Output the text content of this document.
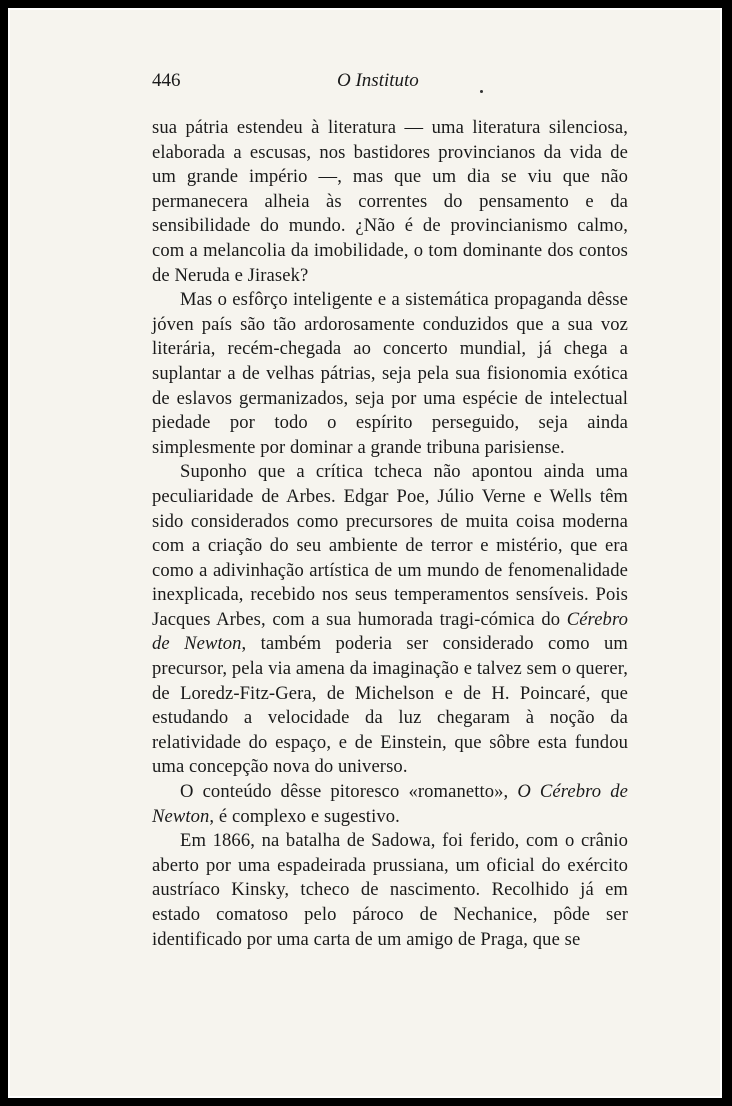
446	O Instituto

sua pátria estendeu à literatura — uma literatura silenciosa, elaborada a escusas, nos bastidores provincianos da vida de um grande império —, mas que um dia se viu que não permanecera alheia às correntes do pensamento e da sensibilidade do mundo. ¿Não é de provincianismo calmo, com a melancolia da imobilidade, o tom dominante dos contos de Neruda e Jirasek?

Mas o esfôrço inteligente e a sistemática propaganda dêsse jóven país são tão ardorosamente conduzidos que a sua voz literária, recém-chegada ao concerto mundial, já chega a suplantar a de velhas pátrias, seja pela sua fisionomia exótica de eslavos germanizados, seja por uma espécie de intelectual piedade por todo o espírito perseguido, seja ainda simplesmente por dominar a grande tribuna parisiense.

Suponho que a crítica tcheca não apontou ainda uma peculiaridade de Arbes. Edgar Poe, Júlio Verne e Wells têm sido considerados como precursores de muita coisa moderna com a criação do seu ambiente de terror e mistério, que era como a adivinhação artística de um mundo de fenomenalidade inexplicada, recebido nos seus temperamentos sensíveis. Pois Jacques Arbes, com a sua humorada tragi-cómica do Cérebro de Newton, também poderia ser considerado como um precursor, pela via amena da imaginação e talvez sem o querer, de Loredz-Fitz-Gera, de Michelson e de H. Poincaré, que estudando a velocidade da luz chegaram à noção da relatividade do espaço, e de Einstein, que sôbre esta fundou uma concepção nova do universo.

O conteúdo dêsse pitoresco «romanetto», O Cérebro de Newton, é complexo e sugestivo.

Em 1866, na batalha de Sadowa, foi ferido, com o crânio aberto por uma espadeirada prussiana, um oficial do exército austríaco Kinsky, tcheco de nascimento. Recolhido já em estado comatoso pelo pároco de Nechanice, pôde ser identificado por uma carta de um amigo de Praga, que se
